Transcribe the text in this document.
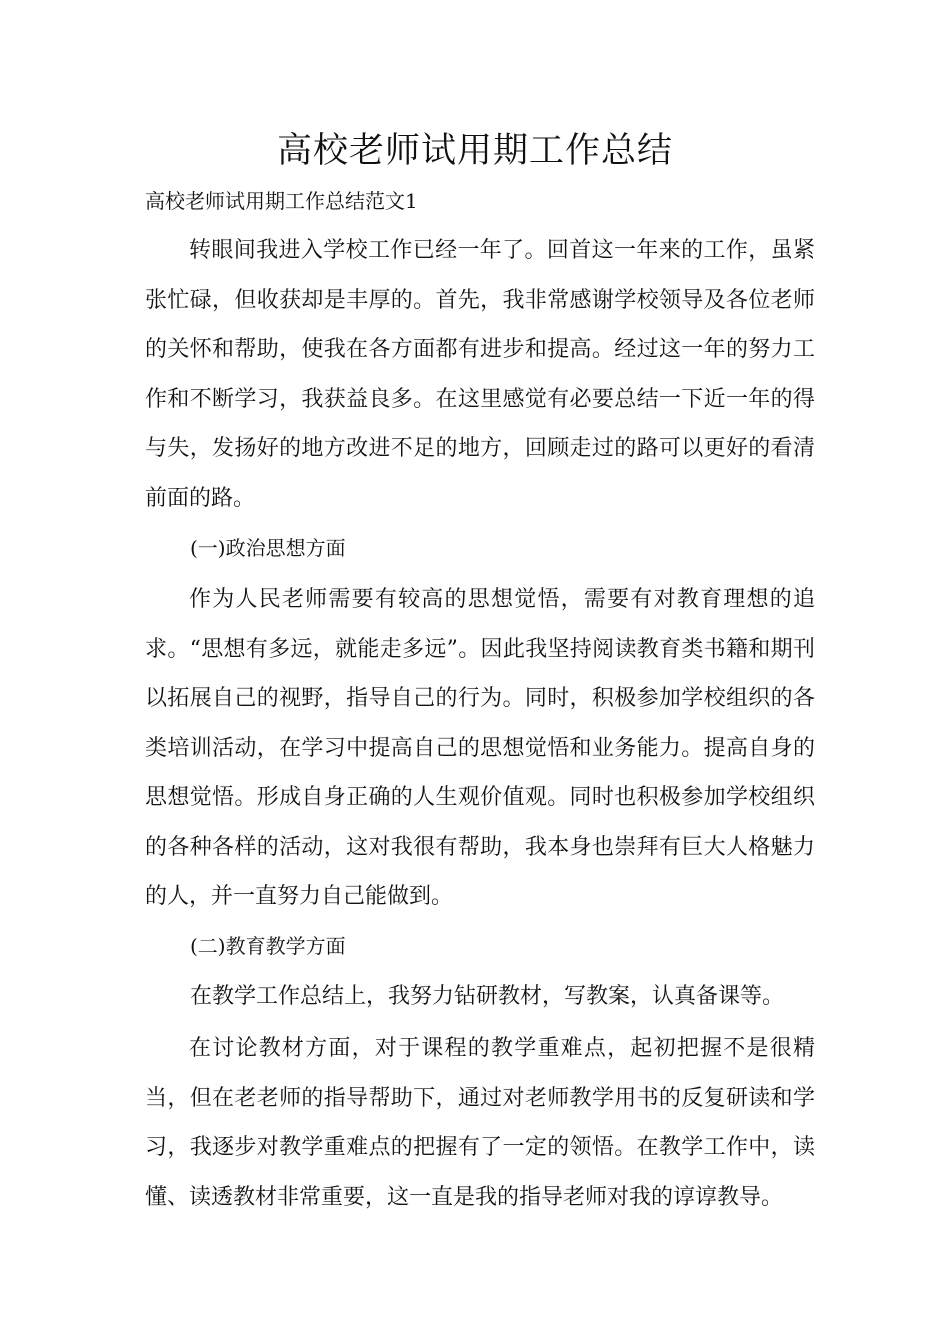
高校老师试用期工作总结

高校老师试用期工作总结范文1

转眼间我进入学校工作已经一年了。回首这一年来的工作，虽紧张忙碌，但收获却是丰厚的。首先，我非常感谢学校领导及各位老师的关怀和帮助，使我在各方面都有进步和提高。经过这一年的努力工作和不断学习，我获益良多。在这里感觉有必要总结一下近一年的得与失，发扬好的地方改进不足的地方，回顾走过的路可以更好的看清前面的路。

(一)政治思想方面

作为人民老师需要有较高的思想觉悟，需要有对教育理想的追求。“思想有多远，就能走多远”。因此我坚持阅读教育类书籍和期刊以拓展自己的视野，指导自己的行为。同时，积极参加学校组织的各类培训活动，在学习中提高自己的思想觉悟和业务能力。提高自身的思想觉悟。形成自身正确的人生观价值观。同时也积极参加学校组织的各种各样的活动，这对我很有帮助，我本身也崇拜有巨大人格魅力的人，并一直努力自己能做到。

(二)教育教学方面

在教学工作总结上，我努力钻研教材，写教案，认真备课等。

在讨论教材方面，对于课程的教学重难点，起初把握不是很精当，但在老老师的指导帮助下，通过对老师教学用书的反复研读和学习，我逐步对教学重难点的把握有了一定的领悟。在教学工作中，读懂、读透教材非常重要，这一直是我的指导老师对我的谆谆教导。
